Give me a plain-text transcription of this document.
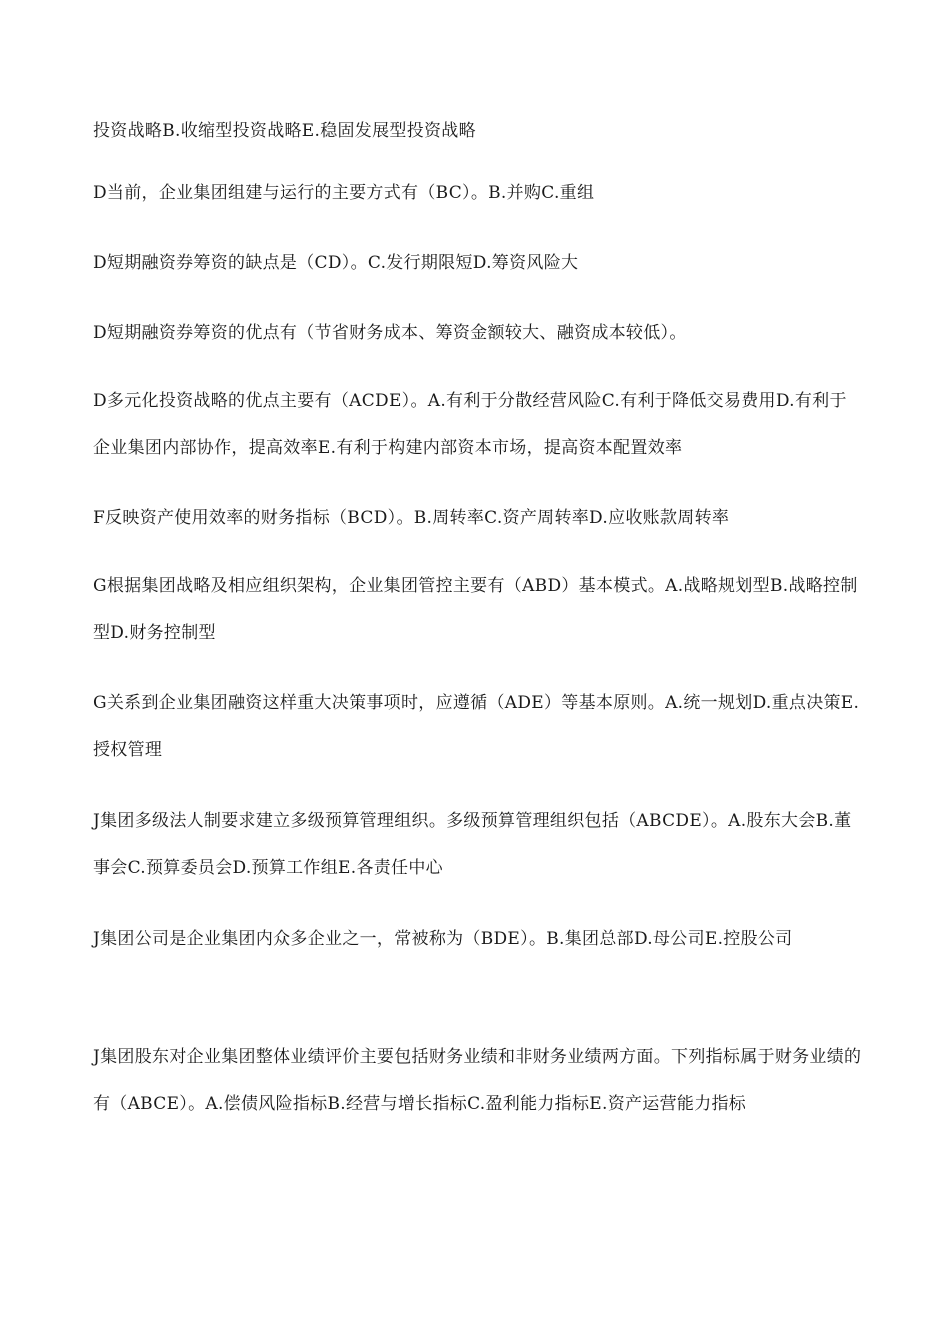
投资战略B.收缩型投资战略E.稳固发展型投资战略

D当前，企业集团组建与运行的主要方式有（BC）。B.并购C.重组

D短期融资券筹资的缺点是（CD）。C.发行期限短D.筹资风险大

D短期融资券筹资的优点有（节省财务成本、筹资金额较大、融资成本较低）。

D多元化投资战略的优点主要有（ACDE）。A.有利于分散经营风险C.有利于降低交易费用D.有利于企业集团内部协作，提高效率E.有利于构建内部资本市场，提高资本配置效率

F反映资产使用效率的财务指标（BCD）。B.周转率C.资产周转率D.应收账款周转率

G根据集团战略及相应组织架构，企业集团管控主要有（ABD）基本模式。A.战略规划型B.战略控制型D.财务控制型

G关系到企业集团融资这样重大决策事项时，应遵循（ADE）等基本原则。A.统一规划D.重点决策E.授权管理

J集团多级法人制要求建立多级预算管理组织。多级预算管理组织包括（ABCDE）。A.股东大会B.董事会C.预算委员会D.预算工作组E.各责任中心

J集团公司是企业集团内众多企业之一，常被称为（BDE）。B.集团总部D.母公司E.控股公司

J集团股东对企业集团整体业绩评价主要包括财务业绩和非财务业绩两方面。下列指标属于财务业绩的有（ABCE）。A.偿债风险指标B.经营与增长指标C.盈利能力指标E.资产运营能力指标
